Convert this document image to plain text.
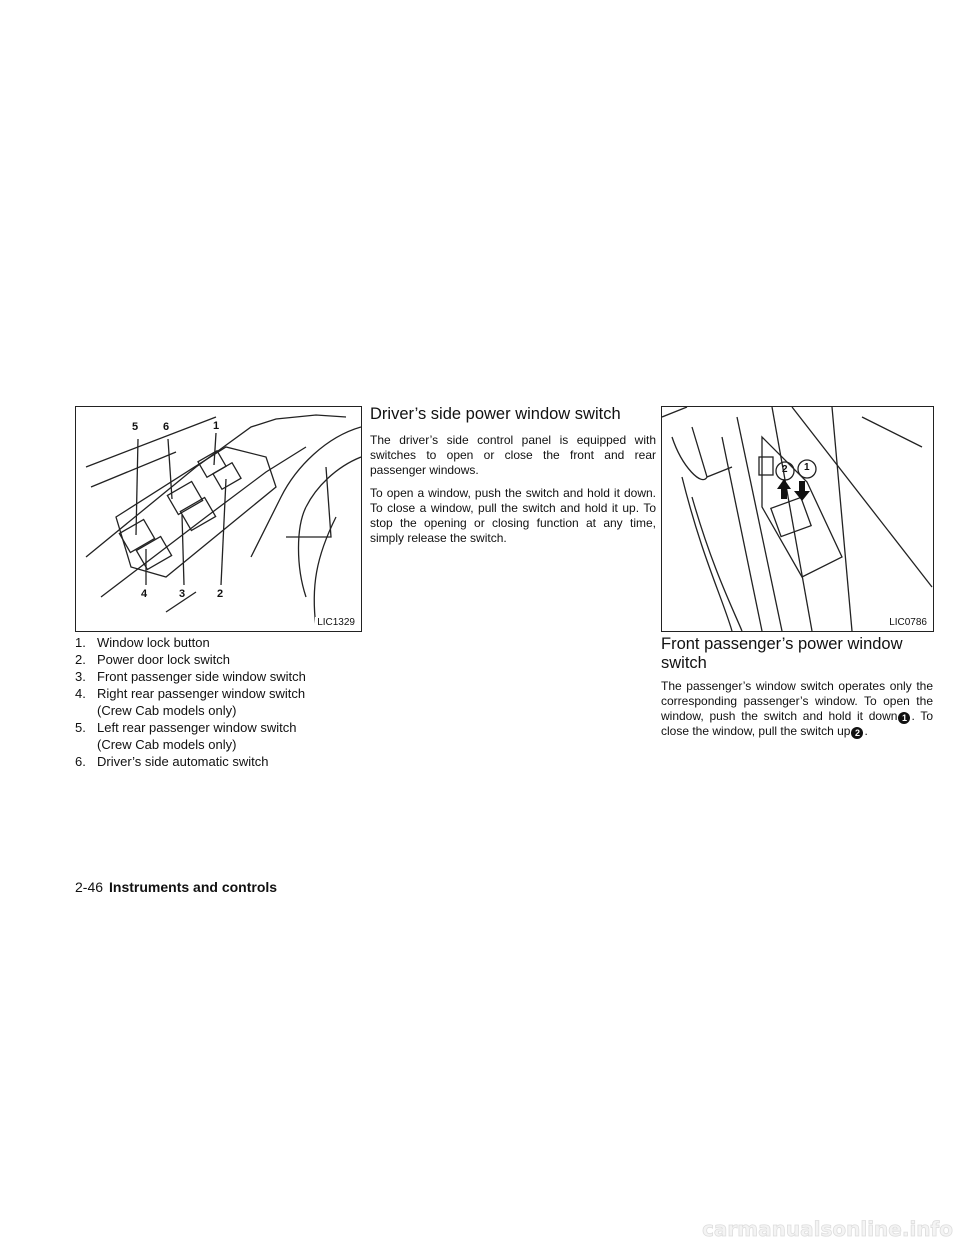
5 6	1
4	3	2
LIC1329
1. Window lock button
2. Power door lock switch
3. Front passenger side window switch
4. Right rear passenger window switch
(Crew Cab models only)
5. Left rear passenger window switch
(Crew Cab models only)
6. Driver’s side automatic switch
Driver’s side power window switch

The driver’s side control panel is equipped with switches to open or close the front and rear passenger windows.

To open a window, push the switch and hold it down. To close a window, pull the switch and hold it up. To stop the opening or closing function at any time, simply release the switch.

2 1
LIC0786
Front passenger’s power window
switch

The passenger’s window switch operates only the corresponding passenger’s window. To open the window, push the switch and hold it down 1 . To close the window, pull the switch up 2 .

2-46 Instruments and controls
carmanualsonline.info
